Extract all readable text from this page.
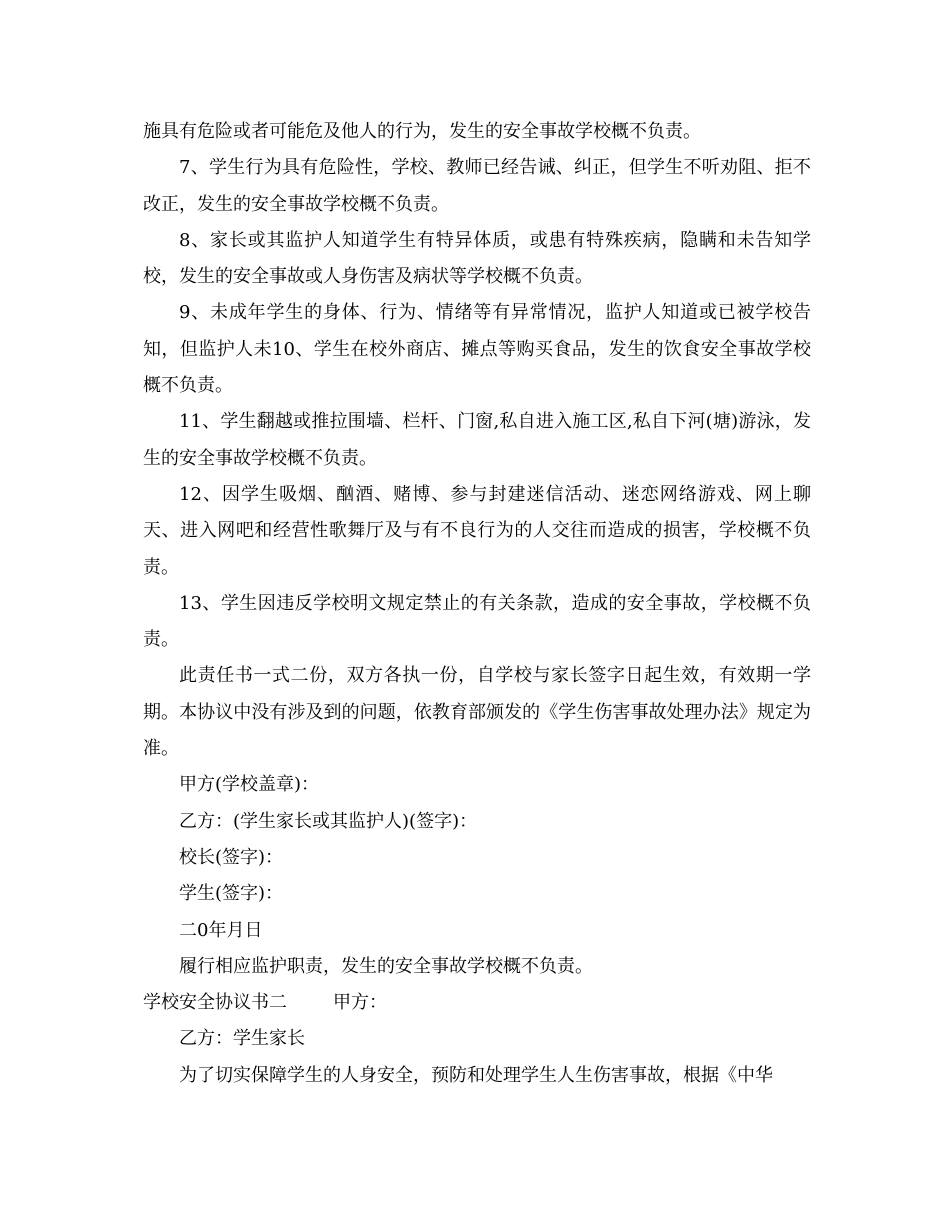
施具有危险或者可能危及他人的行为，发生的安全事故学校概不负责。

7、学生行为具有危险性，学校、教师已经告诫、纠正，但学生不听劝阻、拒不改正，发生的安全事故学校概不负责。

8、家长或其监护人知道学生有特异体质，或患有特殊疾病，隐瞒和未告知学校，发生的安全事故或人身伤害及病状等学校概不负责。

9、未成年学生的身体、行为、情绪等有异常情况，监护人知道或已被学校告知，但监护人未10、学生在校外商店、摊点等购买食品，发生的饮食安全事故学校概不负责。

11、学生翻越或推拉围墙、栏杆、门窗,私自进入施工区,私自下河(塘)游泳，发生的安全事故学校概不负责。

12、因学生吸烟、酗酒、赌博、参与封建迷信活动、迷恋网络游戏、网上聊天、进入网吧和经营性歌舞厅及与有不良行为的人交往而造成的损害，学校概不负责。

13、学生因违反学校明文规定禁止的有关条款，造成的安全事故，学校概不负责。

此责任书一式二份，双方各执一份，自学校与家长签字日起生效，有效期一学期。本协议中没有涉及到的问题，依教育部颁发的《学生伤害事故处理办法》规定为准。

甲方(学校盖章)：

乙方：(学生家长或其监护人)(签字)：

校长(签字)：

学生(签字)：

二0年月日

履行相应监护职责，发生的安全事故学校概不负责。

学校安全协议书二	甲方：

乙方：学生家长

为了切实保障学生的人身安全，预防和处理学生人生伤害事故，根据《中华
